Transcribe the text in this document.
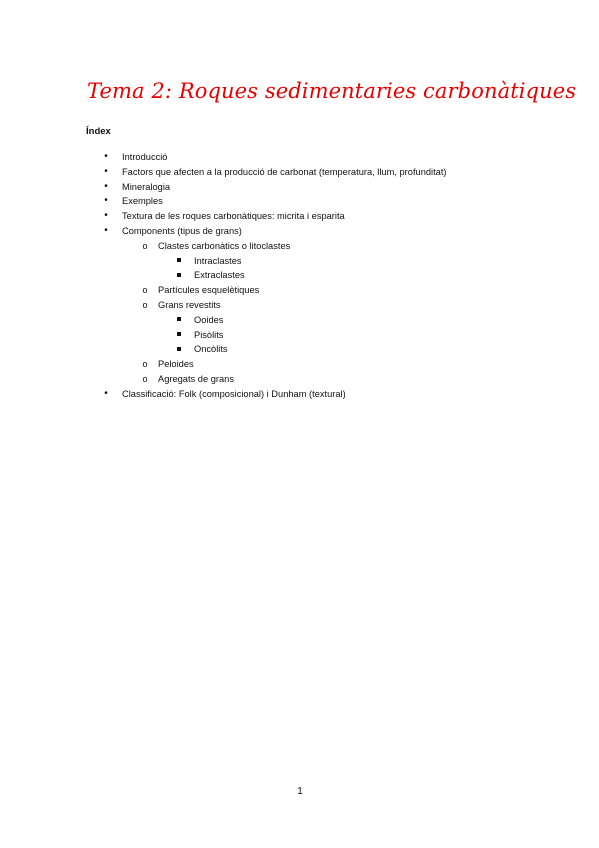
Tema 2: Roques sedimentaries carbonàtiques
Índex
•	Introducció
•	Factors que afecten a la producció de carbonat (temperatura, llum, profunditat)
•	Mineralogia
•	Exemples
•	Textura de les roques carbonàtiques: micrita i esparita
•	Components (tipus de grans)
o Clastes carbonàtics o litoclastes
Intraclastes
Extraclastes
o Partícules esquelètiques
o Grans revestits
Ooides
Pisòlits
Oncòlits
o Peloides
o Agregats de grans
•	Classificació: Folk (composicional) i Dunham (textural)
1
